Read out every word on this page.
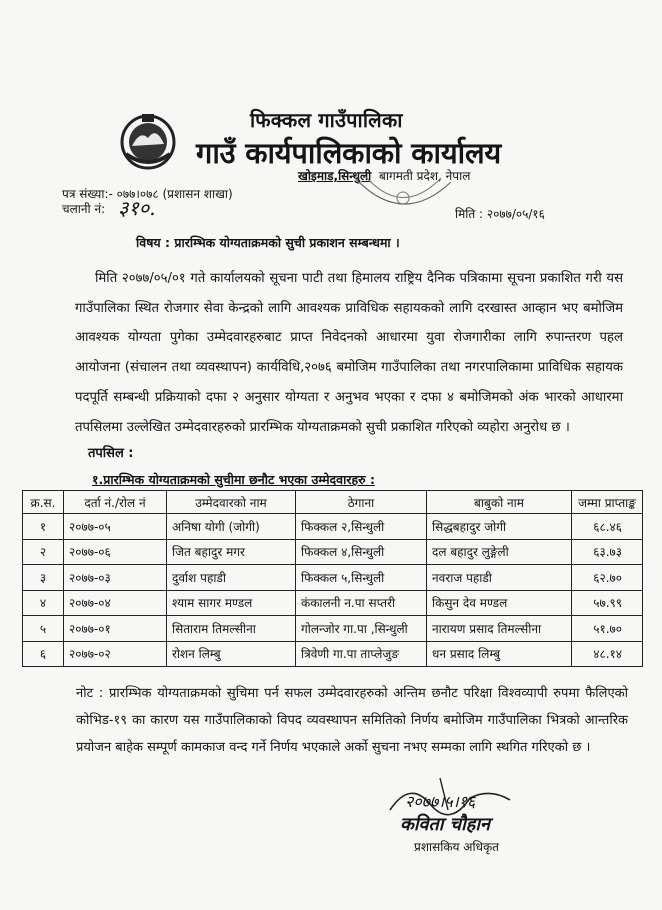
फिक्कल गाउँपालिका
गाउँ कार्यपालिकाको कार्यालय
खोइमाड,सिन्धुली बागमती प्रदेश, नेपाल
पत्र संख्या:- ०७७।०७८ (प्रशासन शाखा)
चलानी नं: ३१०.	मिति : २०७७/०५/१६
विषय : प्रारम्भिक योग्यताक्रमको सुची प्रकाशन सम्बन्धमा ।
मिति २०७७/०५/०१ गते कार्यालयको सूचना पाटी तथा हिमालय राष्ट्रिय दैनिक पत्रिकामा सूचना प्रकाशित गरी यस गाउँपालिका स्थित रोजगार सेवा केन्द्रको लागि आवश्यक प्राविधिक सहायकको लागि दरखास्त आव्हान भए बमोजिम आवश्यक योग्यता पुगेका उम्मेदवारहरुबाट प्राप्त निवेदनको आधारमा युवा रोजगारीका लागि रुपान्तरण पहल आयोजना (संचालन तथा व्यवस्थापन) कार्यविधि,२०७६ बमोजिम गाउँपालिका तथा नगरपालिकामा प्राविधिक सहायक पदपूर्ति सम्बन्धी प्रक्रियाको दफा २ अनुसार योग्यता र अनुभव भएका र दफा ४ बमोजिमको अंक भारको आधारमा तपसिलमा उल्लेखित उम्मेदवारहरुको प्रारम्भिक योग्यताक्रमको सुची प्रकाशित गरिएको व्यहोरा अनुरोध छ ।
तपसिल :
१.प्रारम्भिक योग्यताक्रमको सुचीमा छनौट भएका उम्मेदवारहरु :
क्र.स.	दर्ता नं./रोल नं	उम्मेदवारको नाम	ठेगाना	बाबुको नाम	जम्मा प्राप्ताङ्क
१	२०७७-०५	अनिषा योगी (जोगी)	फिक्कल २,सिन्धुली	सिद्धबहादुर जोगी	६८.४६
२	२०७७-०६	जित बहादुर मगर	फिक्कल ४,सिन्धुली	दल बहादुर लुङ्गेली	६३.७३
३	२०७७-०३	दुर्वाश पहाडी	फिक्कल ५,सिन्धुली	नवराज पहाडी	६२.७०
४	२०७७-०४	श्याम सागर मण्डल	कंकालनी न.पा सप्तरी	किसुन देव मण्डल	५७.९९
५	२०७७-०१	सिताराम तिमल्सीना	गोलन्जोर गा.पा ,सिन्धुली	नारायण प्रसाद तिमल्सीना	५१.७०
६	२०७७-०२	रोशन लिम्बु	त्रिवेणी गा.पा ताप्लेजुङ	धन प्रसाद लिम्बु	४८.१४
नोट : प्रारम्भिक योग्यताक्रमको सुचिमा पर्न सफल उम्मेदवारहरुको अन्तिम छनौट परिक्षा विश्वव्यापी रुपमा फैलिएको कोभिड-१९ का कारण यस गाउँपालिकाको विपद व्यवस्थापन समितिको निर्णय बमोजिम गाउँपालिका भित्रको आन्तरिक प्रयोजन बाहेक सम्पूर्ण कामकाज वन्द गर्ने निर्णय भएकाले अर्को सुचना नभए सम्मका लागि स्थगित गरिएको छ ।
२०७७।५।१६
कविता चौहान
प्रशासकिय अधिकृत
